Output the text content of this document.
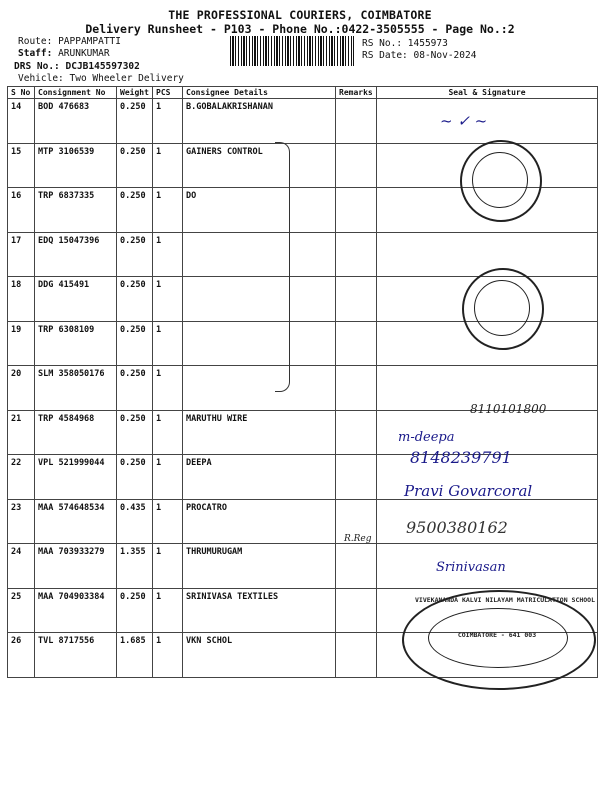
THE PROFESSIONAL COURIERS, COIMBATORE
Delivery Runsheet - P103 - Phone No.:0422-3505555 - Page No.:2
Route: PAPPAMPATTI
Staff: ARUNKUMAR
DRS No.: DCJB145597302
Vehicle: Two Wheeler Delivery
RS No.: 1455973
RS Date: 08-Nov-2024
S No	Consignment No	Weight	PCS	Consignee Details	Remarks	Seal & Signature
14	BOD 476683	0.250	1	B.GOBALAKRISHANAN		
15	MTP 3106539	0.250	1	GAINERS CONTROL		
16	TRP 6837335	0.250	1	DO		
17	EDQ 15047396	0.250	1			
18	DDG 415491	0.250	1			
19	TRP 6308109	0.250	1			
20	SLM 358050176	0.250	1			
21	TRP 4584968	0.250	1	MARUTHU WIRE		
22	VPL 521999044	0.250	1	DEEPA		
23	MAA 574648534	0.435	1	PROCATRO		
24	MAA 703933279	1.355	1	THRUMURUGAM		
25	MAA 704903384	0.250	1	SRINIVASA TEXTILES		
26	TVL 8717556	1.685	1	VKN SCHOL		
~ ✓ ~
8110101800
m-deepa
8148239791
Pravi Govarcoral
9500380162
R.Reg
Srinivasan
VIVEKANANDA KALVI NILAYAM MATRICULATION SCHOOL
COIMBATORE - 641 003
